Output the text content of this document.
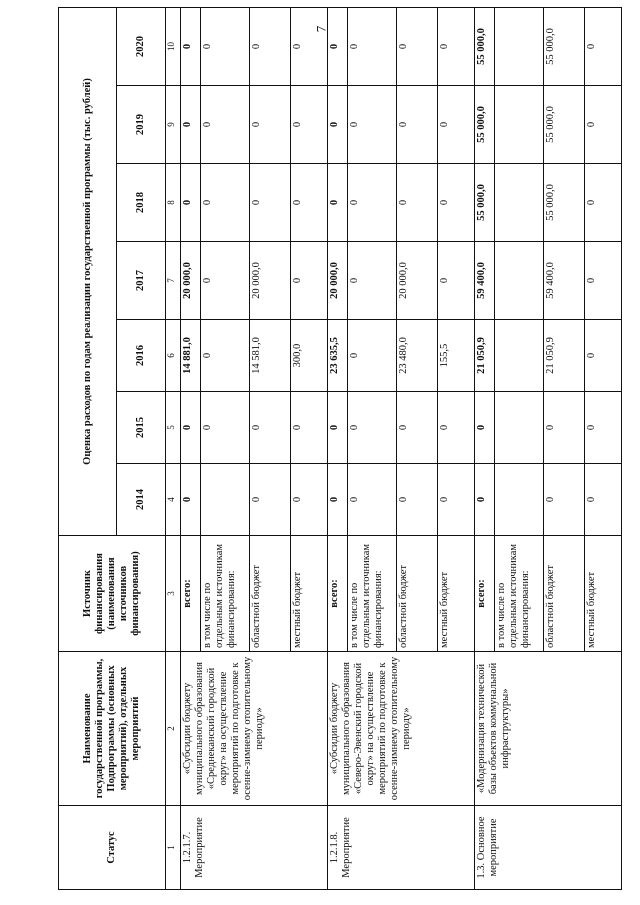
7
Статус	Наименование государственной программы, Подпрограммы (основных мероприятий), отдельных мероприятий	Источник финансирования (наименования источников финансирования)	Оценка расходов по годам реализации государственной программы (тыс. рублей)						
			2014	2015	2016	2017	2018	2019	2020
1	2	3	4	5	6	7	8	9	10
1.2.1.7. Мероприятие	«Субсидии бюджету муниципального образования «Среднеканский городской округ» на осуществление мероприятий по подготовке к осенне-зимнему отопительному периоду»	всего:	0	0	14 881,0	20 000,0	0	0	0
		в том числе по отдельным источникам финансирования:		0	0	0	0	0	0
		областной бюджет	0	0	14 581,0	20 000,0	0	0	0
		местный бюджет	0	0	300,0	0	0	0	0
1.2.1.8. Мероприятие	«Субсидии бюджету муниципального образования «Северо-Эвенский городской округ» на осуществление мероприятий по подготовке к осенне-зимнему отопительному периоду»	всего:	0	0	23 635,5	20 000,0	0	0	0
		в том числе по отдельным источникам финансирования:	0	0	0	0	0	0	0
		областной бюджет	0	0	23 480,0	20 000,0	0	0	0
		местный бюджет	0	0	155,5	0	0	0	0
1.3. Основное мероприятие	«Модернизация технической базы объектов коммунальной инфраструктуры»	всего:	0	0	21 050,9	59 400,0	55 000,0	55 000,0	55 000,0
		в том числе по отдельным источникам финансирования:							
		областной бюджет	0	0	21 050,9	59 400,0	55 000,0	55 000,0	55 000,0
		местный бюджет	0	0	0	0	0	0	0
